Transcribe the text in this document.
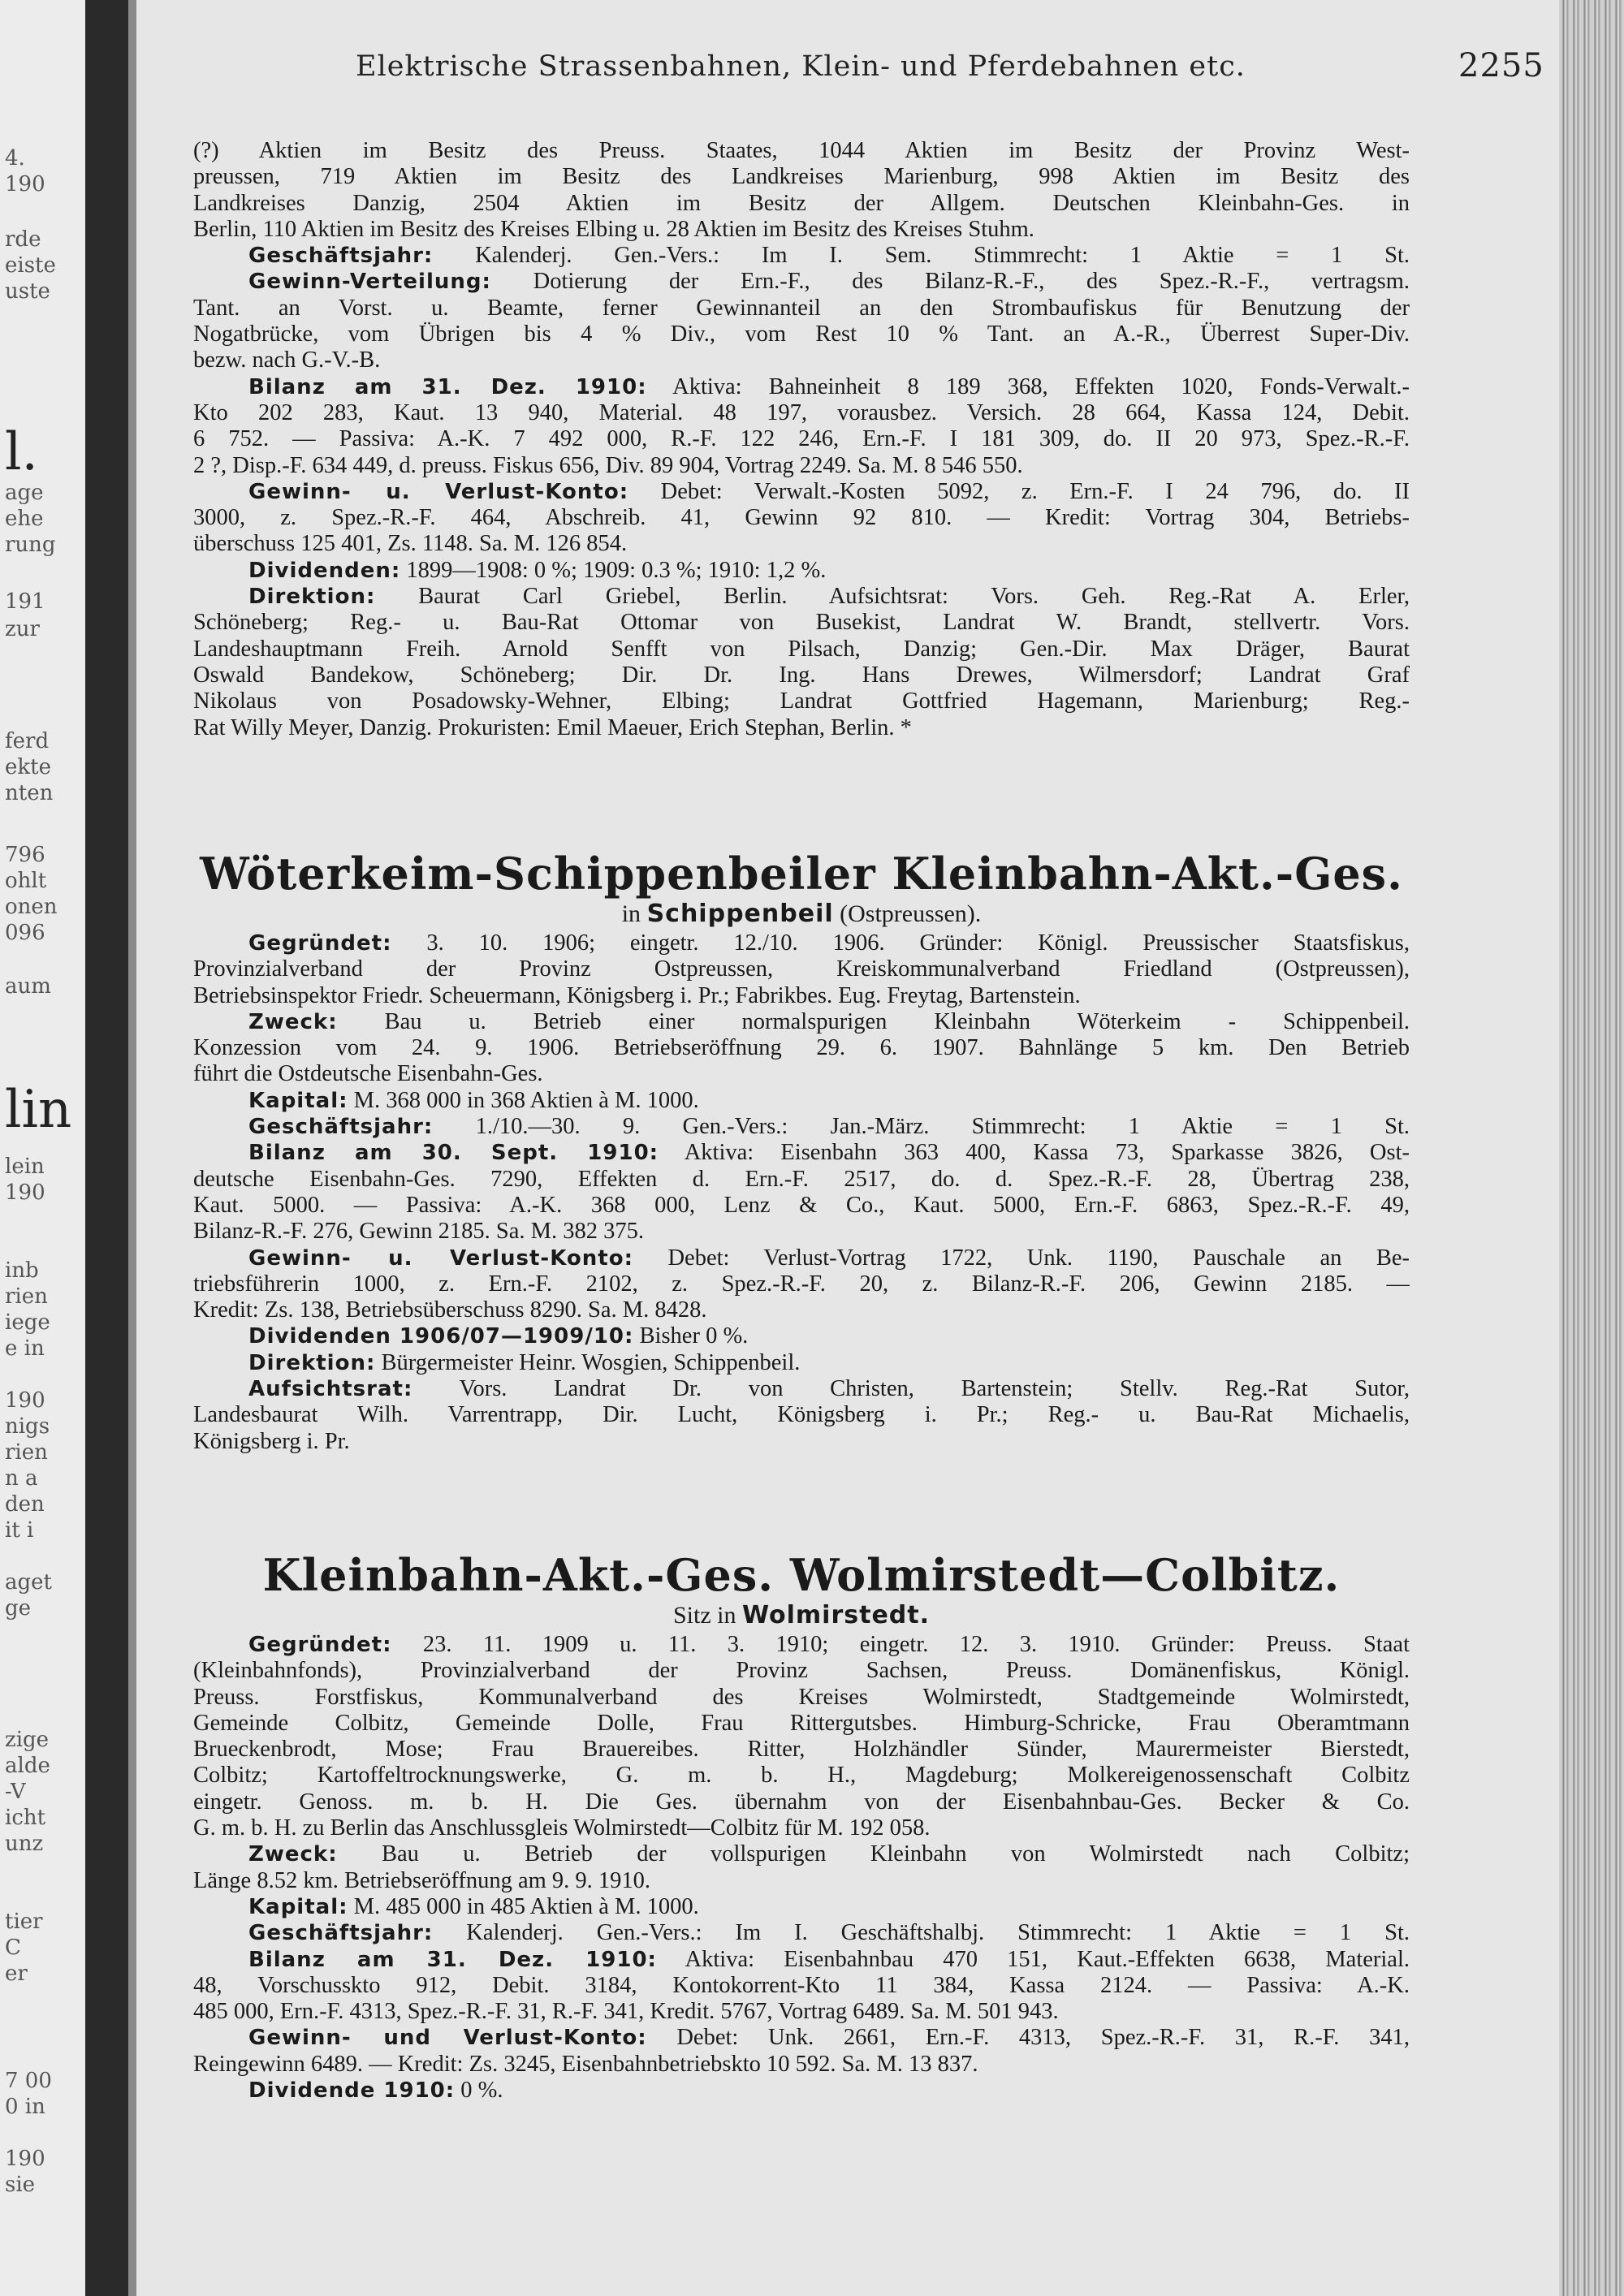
4.
190
rde
eiste
uste
l.
age
ehe
rung
191
zur
ferd
ekte
nten
796
ohlt
onen
096
aum
lin
lein
190
inb
rien
iege
e in
190
nigs
rien
n a
den
it i
aget
ge
zige
alde
-V
icht
unz
tier
C
er
7 00
0 in
190
sie
Elektrische Strassenbahnen, Klein- und Pferdebahnen etc.	2255
(?) Aktien im Besitz des Preuss. Staates, 1044 Aktien im Besitz der Provinz West-
preussen, 719 Aktien im Besitz des Landkreises Marienburg, 998 Aktien im Besitz des
Landkreises Danzig, 2504 Aktien im Besitz der Allgem. Deutschen Kleinbahn-Ges. in
Berlin, 110 Aktien im Besitz des Kreises Elbing u. 28 Aktien im Besitz des Kreises Stuhm.
Geschäftsjahr: Kalenderj. Gen.-Vers.: Im I. Sem. Stimmrecht: 1 Aktie = 1 St.
Gewinn-Verteilung: Dotierung der Ern.-F., des Bilanz-R.-F., des Spez.-R.-F., vertragsm.
Tant. an Vorst. u. Beamte, ferner Gewinnanteil an den Strombaufiskus für Benutzung der
Nogatbrücke, vom Übrigen bis 4 % Div., vom Rest 10 % Tant. an A.-R., Überrest Super-Div.
bezw. nach G.-V.-B.
Bilanz am 31. Dez. 1910: Aktiva: Bahneinheit 8 189 368, Effekten 1020, Fonds-Verwalt.-
Kto 202 283, Kaut. 13 940, Material. 48 197, vorausbez. Versich. 28 664, Kassa 124, Debit.
6 752. — Passiva: A.-K. 7 492 000, R.-F. 122 246, Ern.-F. I 181 309, do. II 20 973, Spez.-R.-F.
2 ?, Disp.-F. 634 449, d. preuss. Fiskus 656, Div. 89 904, Vortrag 2249. Sa. M. 8 546 550.
Gewinn- u. Verlust-Konto: Debet: Verwalt.-Kosten 5092, z. Ern.-F. I 24 796, do. II
3000, z. Spez.-R.-F. 464, Abschreib. 41, Gewinn 92 810. — Kredit: Vortrag 304, Betriebs-
überschuss 125 401, Zs. 1148. Sa. M. 126 854.
Dividenden: 1899—1908: 0 %; 1909: 0.3 %; 1910: 1,2 %.
Direktion: Baurat Carl Griebel, Berlin. Aufsichtsrat: Vors. Geh. Reg.-Rat A. Erler,
Schöneberg; Reg.- u. Bau-Rat Ottomar von Busekist, Landrat W. Brandt, stellvertr. Vors.
Landeshauptmann Freih. Arnold Senfft von Pilsach, Danzig; Gen.-Dir. Max Dräger, Baurat
Oswald Bandekow, Schöneberg; Dir. Dr. Ing. Hans Drewes, Wilmersdorf; Landrat Graf
Nikolaus von Posadowsky-Wehner, Elbing; Landrat Gottfried Hagemann, Marienburg; Reg.-
Rat Willy Meyer, Danzig. Prokuristen: Emil Maeuer, Erich Stephan, Berlin. *
Wöterkeim-Schippenbeiler Kleinbahn-Akt.-Ges.
in Schippenbeil (Ostpreussen).
Gegründet: 3. 10. 1906; eingetr. 12./10. 1906. Gründer: Königl. Preussischer Staatsfiskus,
Provinzialverband der Provinz Ostpreussen, Kreiskommunalverband Friedland (Ostpreussen),
Betriebsinspektor Friedr. Scheuermann, Königsberg i. Pr.; Fabrikbes. Eug. Freytag, Bartenstein.
Zweck: Bau u. Betrieb einer normalspurigen Kleinbahn Wöterkeim - Schippenbeil.
Konzession vom 24. 9. 1906. Betriebseröffnung 29. 6. 1907. Bahnlänge 5 km. Den Betrieb
führt die Ostdeutsche Eisenbahn-Ges.
Kapital: M. 368 000 in 368 Aktien à M. 1000.
Geschäftsjahr: 1./10.—30. 9. Gen.-Vers.: Jan.-März. Stimmrecht: 1 Aktie = 1 St.
Bilanz am 30. Sept. 1910: Aktiva: Eisenbahn 363 400, Kassa 73, Sparkasse 3826, Ost-
deutsche Eisenbahn-Ges. 7290, Effekten d. Ern.-F. 2517, do. d. Spez.-R.-F. 28, Übertrag 238,
Kaut. 5000. — Passiva: A.-K. 368 000, Lenz & Co., Kaut. 5000, Ern.-F. 6863, Spez.-R.-F. 49,
Bilanz-R.-F. 276, Gewinn 2185. Sa. M. 382 375.
Gewinn- u. Verlust-Konto: Debet: Verlust-Vortrag 1722, Unk. 1190, Pauschale an Be-
triebsführerin 1000, z. Ern.-F. 2102, z. Spez.-R.-F. 20, z. Bilanz-R.-F. 206, Gewinn 2185. —
Kredit: Zs. 138, Betriebsüberschuss 8290. Sa. M. 8428.
Dividenden 1906/07—1909/10: Bisher 0 %.
Direktion: Bürgermeister Heinr. Wosgien, Schippenbeil.
Aufsichtsrat: Vors. Landrat Dr. von Christen, Bartenstein; Stellv. Reg.-Rat Sutor,
Landesbaurat Wilh. Varrentrapp, Dir. Lucht, Königsberg i. Pr.; Reg.- u. Bau-Rat Michaelis,
Königsberg i. Pr.
Kleinbahn-Akt.-Ges. Wolmirstedt—Colbitz.
Sitz in Wolmirstedt.
Gegründet: 23. 11. 1909 u. 11. 3. 1910; eingetr. 12. 3. 1910. Gründer: Preuss. Staat
(Kleinbahnfonds), Provinzialverband der Provinz Sachsen, Preuss. Domänenfiskus, Königl.
Preuss. Forstfiskus, Kommunalverband des Kreises Wolmirstedt, Stadtgemeinde Wolmirstedt,
Gemeinde Colbitz, Gemeinde Dolle, Frau Rittergutsbes. Himburg-Schricke, Frau Oberamtmann
Brueckenbrodt, Mose; Frau Brauereibes. Ritter, Holzhändler Sünder, Maurermeister Bierstedt,
Colbitz; Kartoffeltrocknungswerke, G. m. b. H., Magdeburg; Molkereigenossenschaft Colbitz
eingetr. Genoss. m. b. H. Die Ges. übernahm von der Eisenbahnbau-Ges. Becker & Co.
G. m. b. H. zu Berlin das Anschlussgleis Wolmirstedt—Colbitz für M. 192 058.
Zweck: Bau u. Betrieb der vollspurigen Kleinbahn von Wolmirstedt nach Colbitz;
Länge 8.52 km. Betriebseröffnung am 9. 9. 1910.
Kapital: M. 485 000 in 485 Aktien à M. 1000.
Geschäftsjahr: Kalenderj. Gen.-Vers.: Im I. Geschäftshalbj. Stimmrecht: 1 Aktie = 1 St.
Bilanz am 31. Dez. 1910: Aktiva: Eisenbahnbau 470 151, Kaut.-Effekten 6638, Material.
48, Vorschusskto 912, Debit. 3184, Kontokorrent-Kto 11 384, Kassa 2124. — Passiva: A.-K.
485 000, Ern.-F. 4313, Spez.-R.-F. 31, R.-F. 341, Kredit. 5767, Vortrag 6489. Sa. M. 501 943.
Gewinn- und Verlust-Konto: Debet: Unk. 2661, Ern.-F. 4313, Spez.-R.-F. 31, R.-F. 341,
Reingewinn 6489. — Kredit: Zs. 3245, Eisenbahnbetriebskto 10 592. Sa. M. 13 837.
Dividende 1910: 0 %.
